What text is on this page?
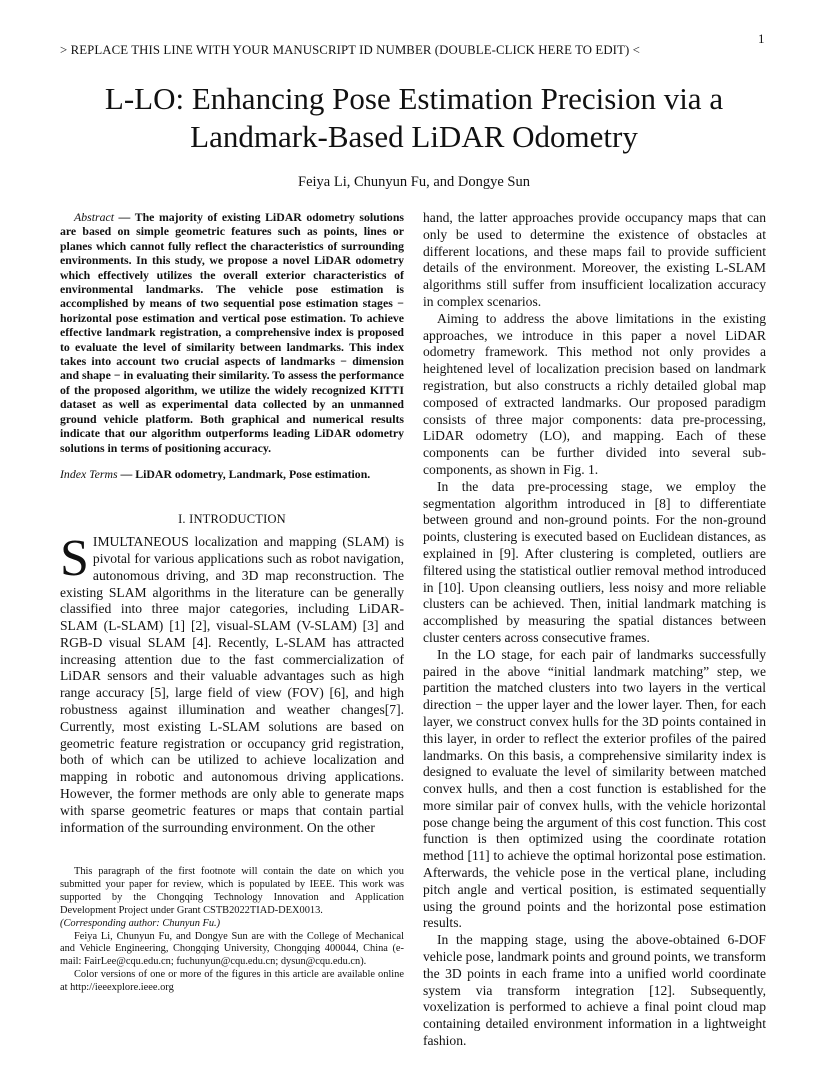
1
> REPLACE THIS LINE WITH YOUR MANUSCRIPT ID NUMBER (DOUBLE-CLICK HERE TO EDIT) <
L-LO: Enhancing Pose Estimation Precision via a Landmark-Based LiDAR Odometry
Feiya Li, Chunyun Fu, and Dongye Sun

Abstract — The majority of existing LiDAR odometry solutions are based on simple geometric features such as points, lines or planes which cannot fully reflect the characteristics of surrounding environments. In this study, we propose a novel LiDAR odometry which effectively utilizes the overall exterior characteristics of environmental landmarks. The vehicle pose estimation is accomplished by means of two sequential pose estimation stages − horizontal pose estimation and vertical pose estimation. To achieve effective landmark registration, a comprehensive index is proposed to evaluate the level of similarity between landmarks. This index takes into account two crucial aspects of landmarks − dimension and shape − in evaluating their similarity. To assess the performance of the proposed algorithm, we utilize the widely recognized KITTI dataset as well as experimental data collected by an unmanned ground vehicle platform. Both graphical and numerical results indicate that our algorithm outperforms leading LiDAR odometry solutions in terms of positioning accuracy.

Index Terms — LiDAR odometry, Landmark, Pose estimation.

I. INTRODUCTION

SIMULTANEOUS localization and mapping (SLAM) is pivotal for various applications such as robot navigation, autonomous driving, and 3D map reconstruction. The existing SLAM algorithms in the literature can be generally classified into three major categories, including LiDAR-SLAM (L-SLAM) [1] [2], visual-SLAM (V-SLAM) [3] and RGB-D visual SLAM [4]. Recently, L-SLAM has attracted increasing attention due to the fast commercialization of LiDAR sensors and their valuable advantages such as high range accuracy [5], large field of view (FOV) [6], and high robustness against illumination and weather changes[7]. Currently, most existing L-SLAM solutions are based on geometric feature registration or occupancy grid registration, both of which can be utilized to achieve localization and mapping in robotic and autonomous driving applications. However, the former methods are only able to generate maps with sparse geometric features or maps that contain partial information of the surrounding environment. On the other

hand, the latter approaches provide occupancy maps that can only be used to determine the existence of obstacles at different locations, and these maps fail to provide sufficient details of the environment. Moreover, the existing L-SLAM algorithms still suffer from insufficient localization accuracy in complex scenarios.

Aiming to address the above limitations in the existing approaches, we introduce in this paper a novel LiDAR odometry framework. This method not only provides a heightened level of localization precision based on landmark registration, but also constructs a richly detailed global map composed of extracted landmarks. Our proposed paradigm consists of three major components: data pre-processing, LiDAR odometry (LO), and mapping. Each of these components can be further divided into several sub-components, as shown in Fig. 1.

In the data pre-processing stage, we employ the segmentation algorithm introduced in [8] to differentiate between ground and non-ground points. For the non-ground points, clustering is executed based on Euclidean distances, as explained in [9]. After clustering is completed, outliers are filtered using the statistical outlier removal method introduced in [10]. Upon cleansing outliers, less noisy and more reliable clusters can be achieved. Then, initial landmark matching is accomplished by measuring the spatial distances between cluster centers across consecutive frames.

In the LO stage, for each pair of landmarks successfully paired in the above “initial landmark matching” step, we partition the matched clusters into two layers in the vertical direction − the upper layer and the lower layer. Then, for each layer, we construct convex hulls for the 3D points contained in this layer, in order to reflect the exterior profiles of the paired landmarks. On this basis, a comprehensive similarity index is designed to evaluate the level of similarity between matched convex hulls, and then a cost function is established for the more similar pair of convex hulls, with the vehicle horizontal pose change being the argument of this cost function. This cost function is then optimized using the coordinate rotation method [11] to achieve the optimal horizontal pose estimation. Afterwards, the vehicle pose in the vertical plane, including pitch angle and vertical position, is estimated sequentially using the ground points and the horizontal pose estimation results.

In the mapping stage, using the above-obtained 6-DOF vehicle pose, landmark points and ground points, we transform the 3D points in each frame into a unified world coordinate system via transform integration [12]. Subsequently, voxelization is performed to achieve a final point cloud map containing detailed environment information in a lightweight fashion.

This paragraph of the first footnote will contain the date on which you submitted your paper for review, which is populated by IEEE. This work was supported by the Chongqing Technology Innovation and Application Development Project under Grant CSTB2022TIAD-DEX0013.

(Corresponding author: Chunyun Fu.)

Feiya Li, Chunyun Fu, and Dongye Sun are with the College of Mechanical and Vehicle Engineering, Chongqing University, Chongqing 400044, China (e-mail: FairLee@cqu.edu.cn; fuchunyun@cqu.edu.cn; dysun@cqu.edu.cn).

Color versions of one or more of the figures in this article are available online at http://ieeexplore.ieee.org
